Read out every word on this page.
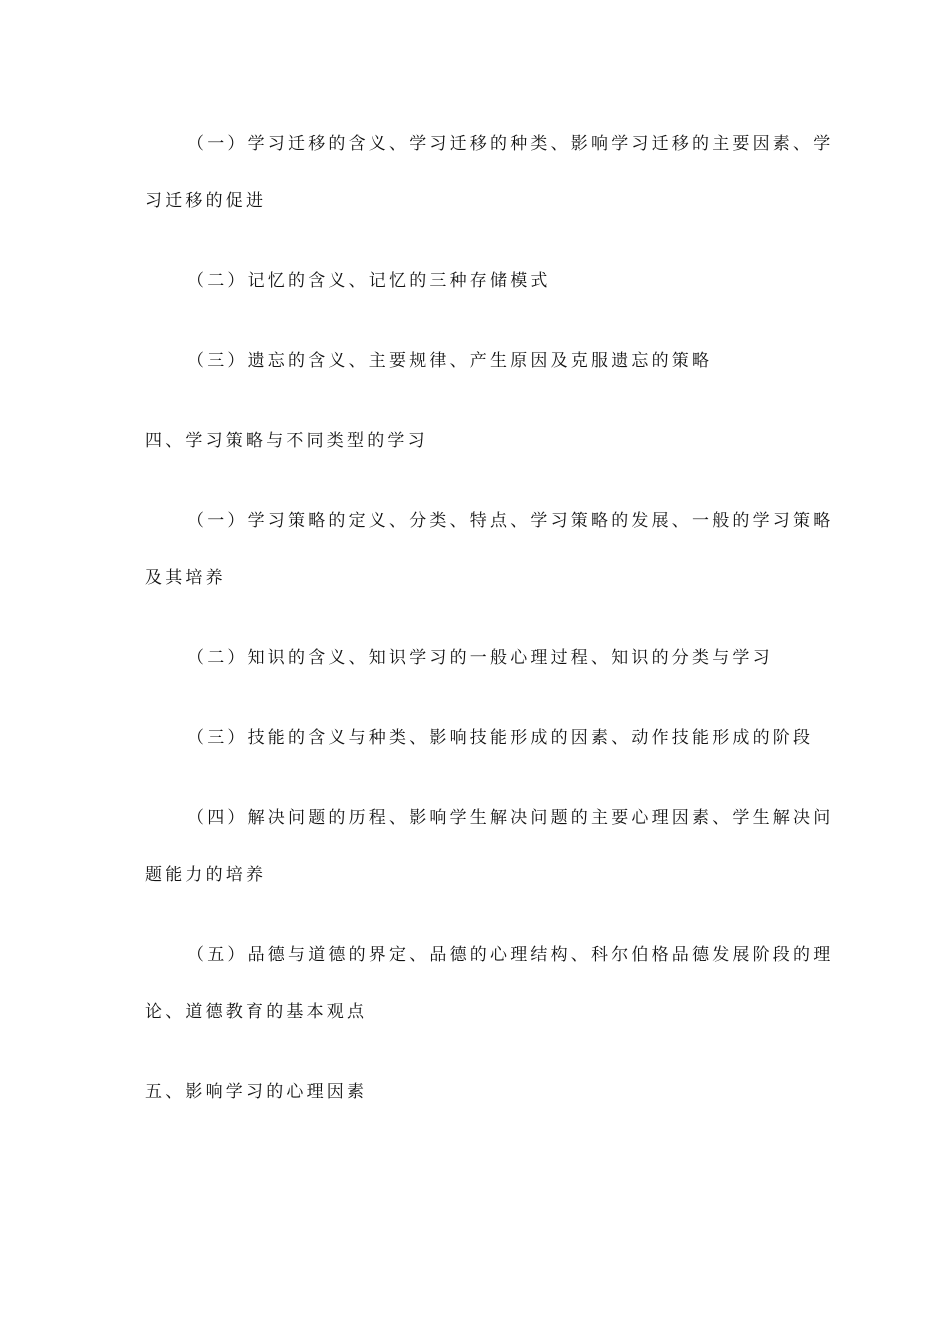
（一）学习迁移的含义、学习迁移的种类、影响学习迁移的主要因素、学
习迁移的促进
（二）记忆的含义、记忆的三种存储模式
（三）遗忘的含义、主要规律、产生原因及克服遗忘的策略
四、学习策略与不同类型的学习
（一）学习策略的定义、分类、特点、学习策略的发展、一般的学习策略
及其培养
（二）知识的含义、知识学习的一般心理过程、知识的分类与学习
（三）技能的含义与种类、影响技能形成的因素、动作技能形成的阶段
（四）解决问题的历程、影响学生解决问题的主要心理因素、学生解决问
题能力的培养
（五）品德与道德的界定、品德的心理结构、科尔伯格品德发展阶段的理
论、道德教育的基本观点
五、影响学习的心理因素
